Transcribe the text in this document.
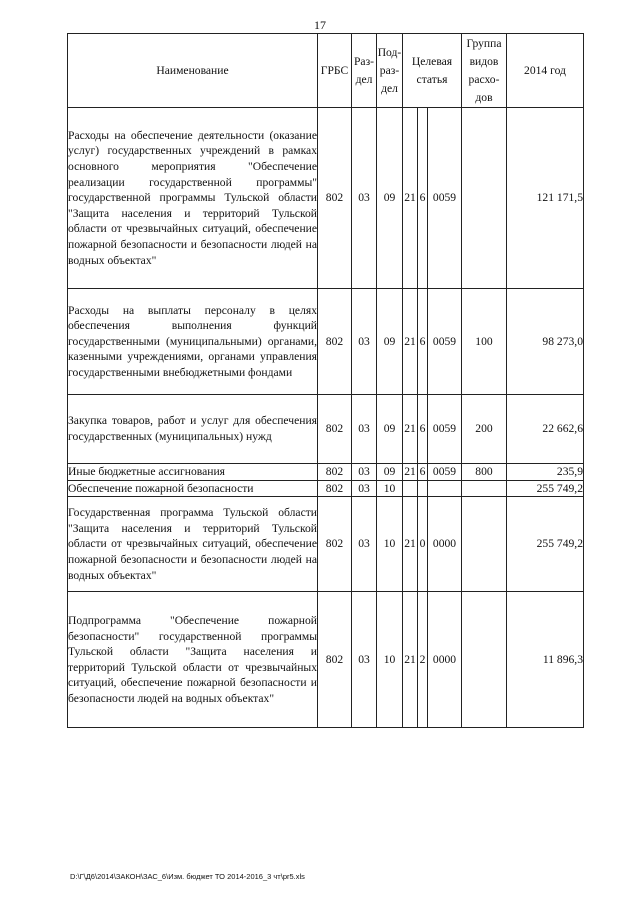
17
Наименование	ГРБС	Раз- дел	Под- раз- дел	Целевая статья			Группа видов расхо- дов	2014 год
Расходы на обеспечение деятельности (оказание услуг) государственных учреждений в рамках основного мероприятия "Обеспечение реализации государственной программы" государственной программы Тульской области "Защита населения и территорий Тульской области от чрезвычайных ситуаций, обеспечение пожарной безопасности и безопасности людей на водных объектах"	802	03	09	21	6	0059		121 171,5
Расходы на выплаты персоналу в целях обеспечения выполнения функций государственными (муниципальными) органами, казенными учреждениями, органами управления государственными внебюджетными фондами	802	03	09	21	6	0059	100	98 273,0
Закупка товаров, работ и услуг для обеспечения государственных (муниципальных) нужд	802	03	09	21	6	0059	200	22 662,6
Иные бюджетные ассигнования	802	03	09	21	6	0059	800	235,9
Обеспечение пожарной безопасности	802	03	10					255 749,2
Государственная программа Тульской области "Защита населения и территорий Тульской области от чрезвычайных ситуаций, обеспечение пожарной безопасности и безопасности людей на водных объектах"	802	03	10	21	0	0000		255 749,2
Подпрограмма "Обеспечение пожарной безопасности" государственной программы Тульской области "Защита населения и территорий Тульской области от чрезвычайных ситуаций, обеспечение пожарной безопасности и безопасности людей на водных объектах"	802	03	10	21	2	0000		11 896,3
D:\Г\Д6\2014\ЗАКОН\ЗАС_6\Изм. бюджет ТО 2014-2016_3 чт\pr5.xls
